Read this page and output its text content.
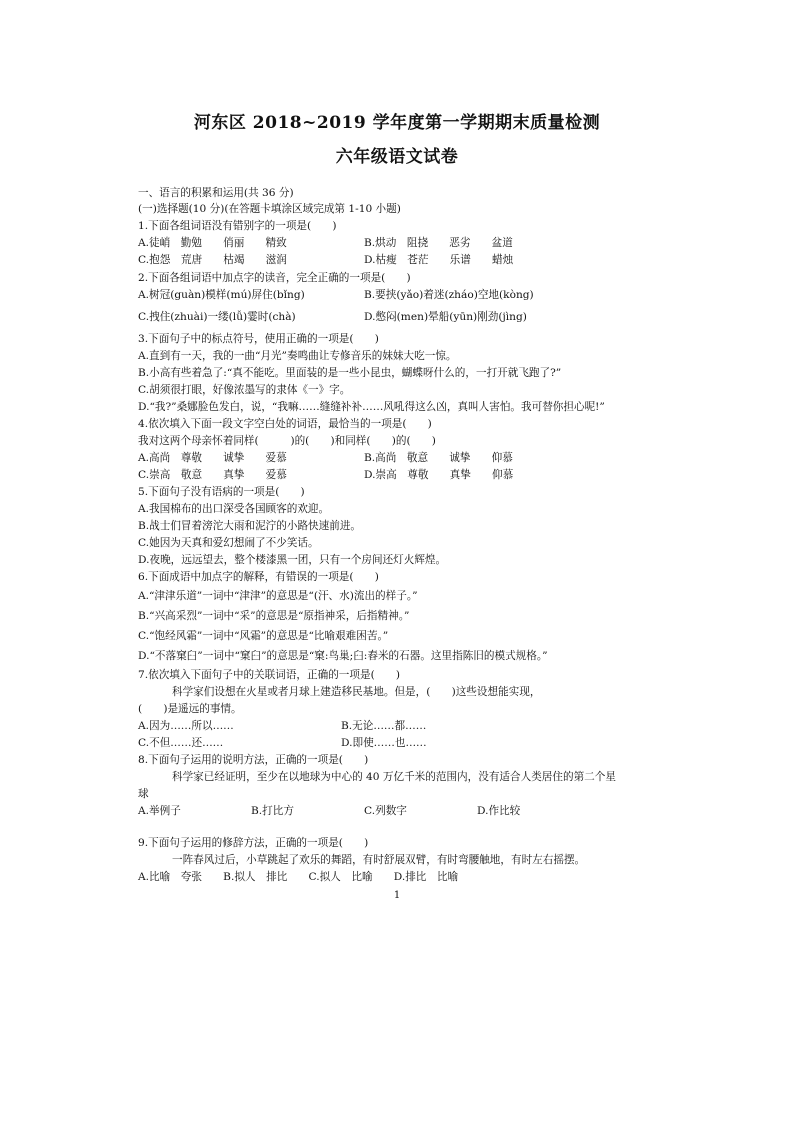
河东区 2018~2019 学年度第一学期期末质量检测
六年级语文试卷
一、语言的积累和运用(共 36 分)
(一)选择题(10 分)(在答题卡填涂区域完成第 1-10 小题)
1.下面各组词语没有错别字的一项是(　　)
A.徒峭　勤勉　　俏丽　　精致	B.烘动　阻挠　　恶劣　　盆道
C.抱怨　荒唐　　枯竭　　滋润	D.枯瘦　苍茫　　乐谱　　蜡烛
2.下面各组词语中加点字的读音，完全正确的一项是(　　)
A.树冠(guàn)模样(mú)屏住(bǐng)	B.要挟(yǎo)着迷(zháo)空地(kòng)
C.拽住(zhuài)一缕(lǚ)霎时(chà)	D.憋闷(men)晕船(yūn)刚劲(jìng)
3.下面句子中的标点符号，使用正确的一项是(　　)
A.直到有一天，我的一曲“月光”奏鸣曲让专修音乐的妹妹大吃一惊。
B.小高有些着急了:“真不能吃。里面装的是一些小昆虫，蝴蝶呀什么的，一打开就飞跑了?”
C.胡须很打眼，好像浓墨写的隶体《一》字。
D.“我?”桑娜脸色发白，说，“我嘛……缝缝补补……风吼得这么凶，真叫人害怕。我可替你担心呢!”
4.依次填入下面一段文字空白处的词语，最恰当的一项是(　　)
我对这两个母亲怀着同样(　　　)的(　　)和同样(　　)的(　　)
A.高尚　尊敬　　诚挚　　爱慕	B.高尚　敬意　　诚挚　　仰慕
C.崇高　敬意　　真挚　　爱慕	D.崇高　尊敬　　真挚　　仰慕
5.下面句子没有语病的一项是(　　)
A.我国棉布的出口深受各国顾客的欢迎。
B.战士们冒着滂沱大雨和泥泞的小路快速前进。
C.她因为天真和爱幻想闹了不少笑话。
D.夜晚，远远望去，整个楼漆黑一团，只有一个房间还灯火辉煌。
6.下面成语中加点字的解释，有错误的一项是(　　)
A.“津津乐道”一词中“津津”的意思是“(汗、水)流出的样子。”
B.“兴高采烈”一词中“采”的意思是“原指神采，后指精神。”
C.“饱经风霜”一词中“风霜”的意思是“比喻艰难困苦。”
D.“不落窠臼”一词中“窠臼”的意思是“窠:鸟巢;臼:舂米的石器。这里指陈旧的模式规格。”
7.依次填入下面句子中的关联词语，正确的一项是(　　)
科学家们设想在火星或者月球上建造移民基地。但是，(　　)这些设想能实现，
(　　)是遥远的事情。
A.因为……所以……	B.无论……都……
C.不但……还……	D.即使……也……
8.下面句子运用的说明方法，正确的一项是(　　)
科学家已经证明，至少在以地球为中心的 40 万亿千米的范围内，没有适合人类居住的第二个星
球
A.举例子	B.打比方	C.列数字	D.作比较
9.下面句子运用的修辞方法，正确的一项是(　　)
一阵春风过后，小草跳起了欢乐的舞蹈，有时舒展双臂，有时弯腰触地，有时左右摇摆。
A.比喻　夸张　　B.拟人　排比　　C.拟人　比喻　　D.排比　比喻
1
